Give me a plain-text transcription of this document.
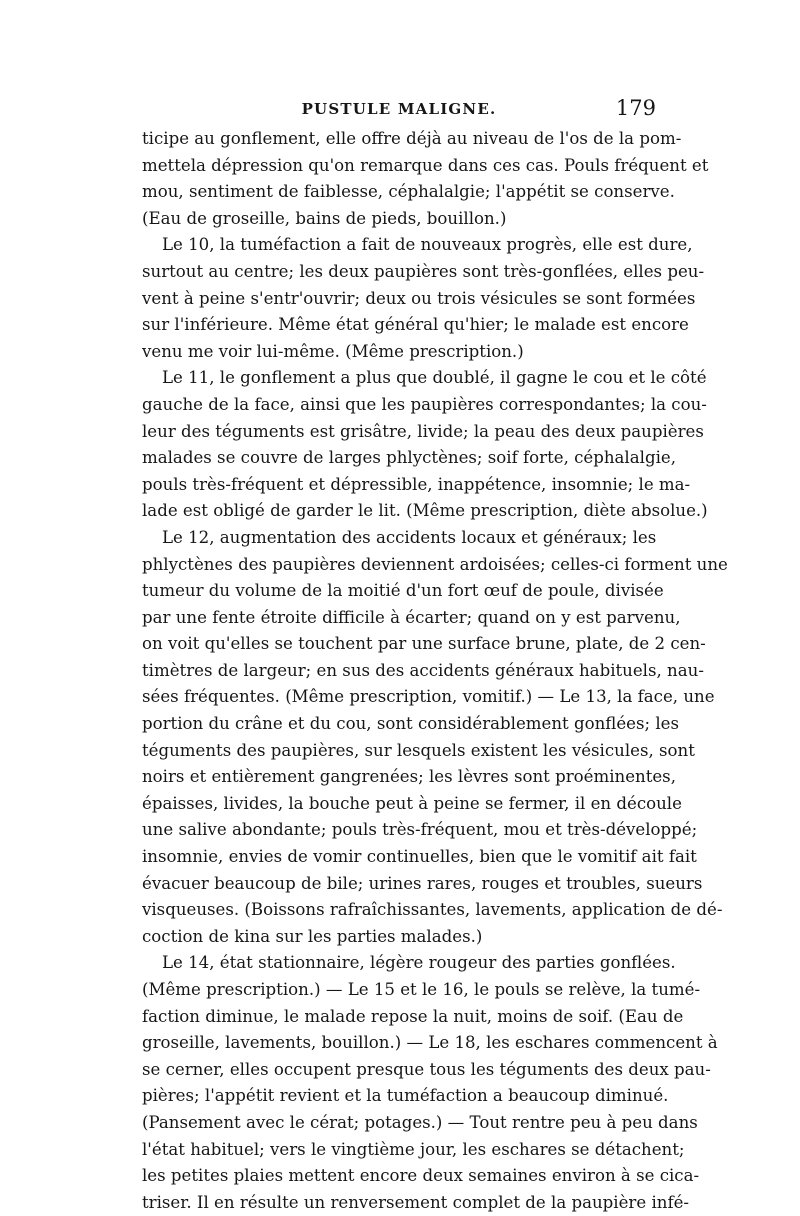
PUSTULE MALIGNE.	179
ticipe au gonflement, elle offre déjà au niveau de l'os de la pom-
mettela dépression qu'on remarque dans ces cas. Pouls fréquent et
mou, sentiment de faiblesse, céphalalgie; l'appétit se conserve.
(Eau de groseille, bains de pieds, bouillon.)
Le 10, la tuméfaction a fait de nouveaux progrès, elle est dure,
surtout au centre; les deux paupières sont très-gonflées, elles peu-
vent à peine s'entr'ouvrir; deux ou trois vésicules se sont formées
sur l'inférieure. Même état général qu'hier; le malade est encore
venu me voir lui-même. (Même prescription.)
Le 11, le gonflement a plus que doublé, il gagne le cou et le côté
gauche de la face, ainsi que les paupières correspondantes; la cou-
leur des téguments est grisâtre, livide; la peau des deux paupières
malades se couvre de larges phlyctènes; soif forte, céphalalgie,
pouls très-fréquent et dépressible, inappétence, insomnie; le ma-
lade est obligé de garder le lit. (Même prescription, diète absolue.)
Le 12, augmentation des accidents locaux et généraux; les
phlyctènes des paupières deviennent ardoisées; celles-ci forment une
tumeur du volume de la moitié d'un fort œuf de poule, divisée
par une fente étroite difficile à écarter; quand on y est parvenu,
on voit qu'elles se touchent par une surface brune, plate, de 2 cen-
timètres de largeur; en sus des accidents généraux habituels, nau-
sées fréquentes. (Même prescription, vomitif.) — Le 13, la face, une
portion du crâne et du cou, sont considérablement gonflées; les
téguments des paupières, sur lesquels existent les vésicules, sont
noirs et entièrement gangrenées; les lèvres sont proéminentes,
épaisses, livides, la bouche peut à peine se fermer, il en découle
une salive abondante; pouls très-fréquent, mou et très-développé;
insomnie, envies de vomir continuelles, bien que le vomitif ait fait
évacuer beaucoup de bile; urines rares, rouges et troubles, sueurs
visqueuses. (Boissons rafraîchissantes, lavements, application de dé-
coction de kina sur les parties malades.)
Le 14, état stationnaire, légère rougeur des parties gonflées.
(Même prescription.) — Le 15 et le 16, le pouls se relève, la tumé-
faction diminue, le malade repose la nuit, moins de soif. (Eau de
groseille, lavements, bouillon.) — Le 18, les eschares commencent à
se cerner, elles occupent presque tous les téguments des deux pau-
pières; l'appétit revient et la tuméfaction a beaucoup diminué.
(Pansement avec le cérat; potages.) — Tout rentre peu à peu dans
l'état habituel; vers le vingtième jour, les eschares se détachent;
les petites plaies mettent encore deux semaines environ à se cica-
triser. Il en résulte un renversement complet de la paupière infé-
